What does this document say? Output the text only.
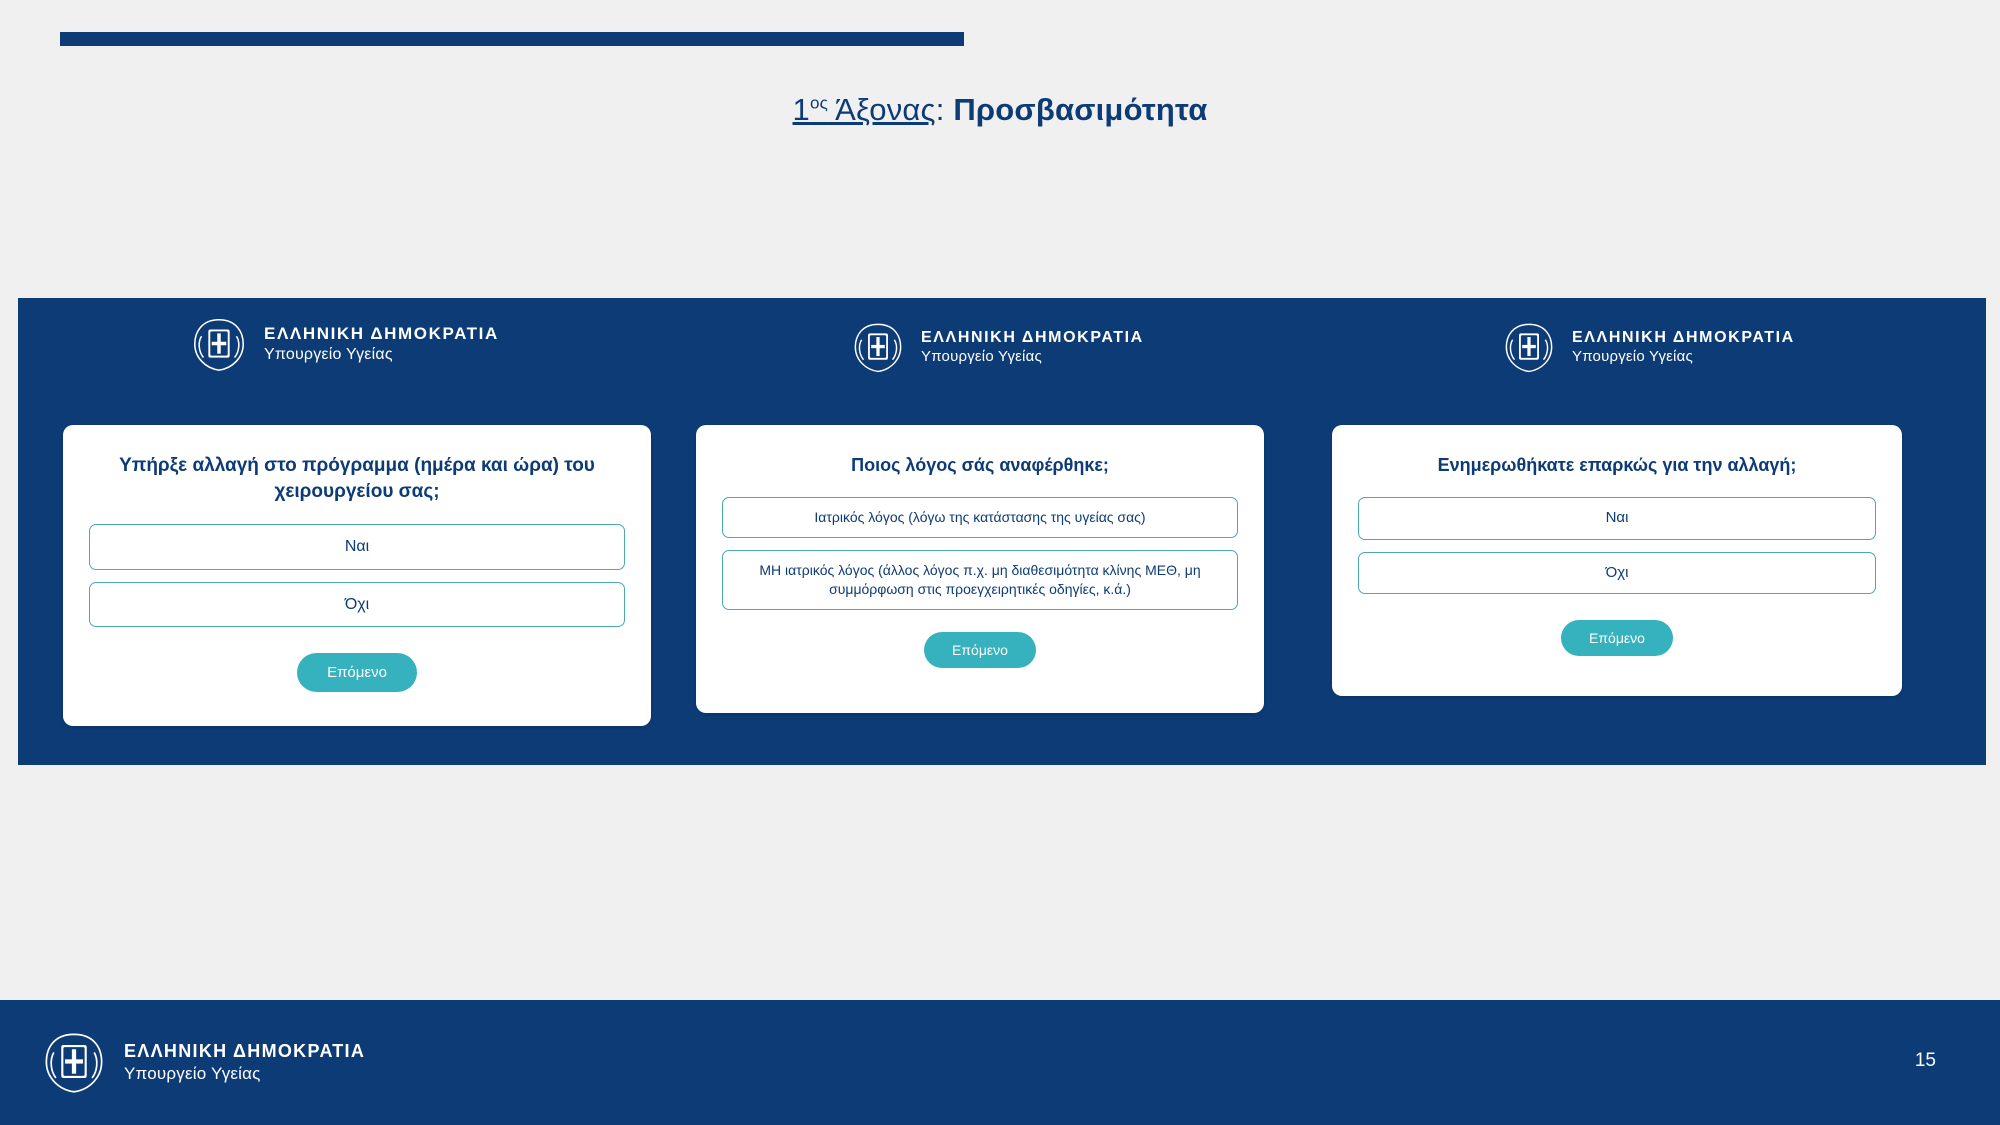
$1^{o\varsigma}$ Άξονας: Προσβασιμότητα
ΕΛΛΗΝΙΚΗ ΔΗΜΟΚΡΑΤΙΑ
Υπουργείο Υγείας
Υπήρξε αλλαγή στο πρόγραμμα (ημέρα και ώρα) του χειρουργείου σας;
Ναι
Όχι
Επόμενο
ΕΛΛΗΝΙΚΗ ΔΗΜΟΚΡΑΤΙΑ
Υπουργείο Υγείας
Ποιος λόγος σάς αναφέρθηκε;
Ιατρικός λόγος (λόγω της κατάστασης της υγείας σας)
ΜΗ ιατρικός λόγος (άλλος λόγος π.χ. μη διαθεσιμότητα κλίνης ΜΕΘ, μη συμμόρφωση στις προεγχειρητικές οδηγίες, κ.ά.)
Επόμενο
ΕΛΛΗΝΙΚΗ ΔΗΜΟΚΡΑΤΙΑ
Υπουργείο Υγείας
Ενημερωθήκατε επαρκώς για την αλλαγή;
Ναι
Όχι
Επόμενο
ΕΛΛΗΝΙΚΗ ΔΗΜΟΚΡΑΤΙΑ
Υπουργείο Υγείας
15
